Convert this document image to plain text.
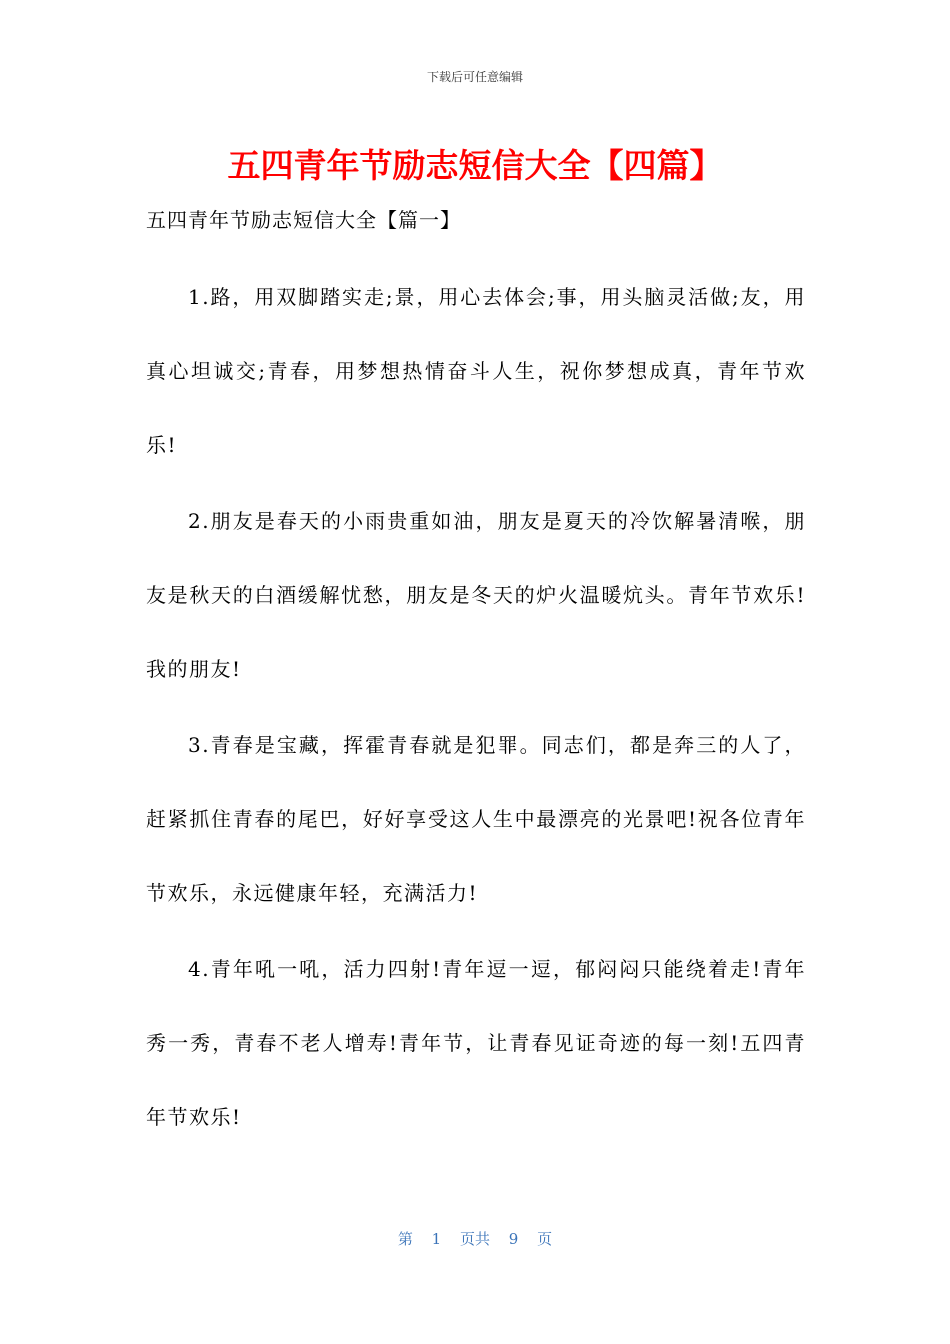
下载后可任意编辑
五四青年节励志短信大全【四篇】
五四青年节励志短信大全【篇一】

1.路，用双脚踏实走;景，用心去体会;事，用头脑灵活做;友，用真心坦诚交;青春，用梦想热情奋斗人生，祝你梦想成真，青年节欢乐!

2.朋友是春天的小雨贵重如油，朋友是夏天的冷饮解暑清喉，朋友是秋天的白酒缓解忧愁，朋友是冬天的炉火温暖炕头。青年节欢乐!我的朋友!

3.青春是宝藏，挥霍青春就是犯罪。同志们，都是奔三的人了，赶紧抓住青春的尾巴，好好享受这人生中最漂亮的光景吧!祝各位青年节欢乐，永远健康年轻，充满活力!

4.青年吼一吼，活力四射!青年逗一逗，郁闷闷只能绕着走!青年秀一秀，青春不老人增寿!青年节，让青春见证奇迹的每一刻!五四青年节欢乐!

第 1 页共 9 页
